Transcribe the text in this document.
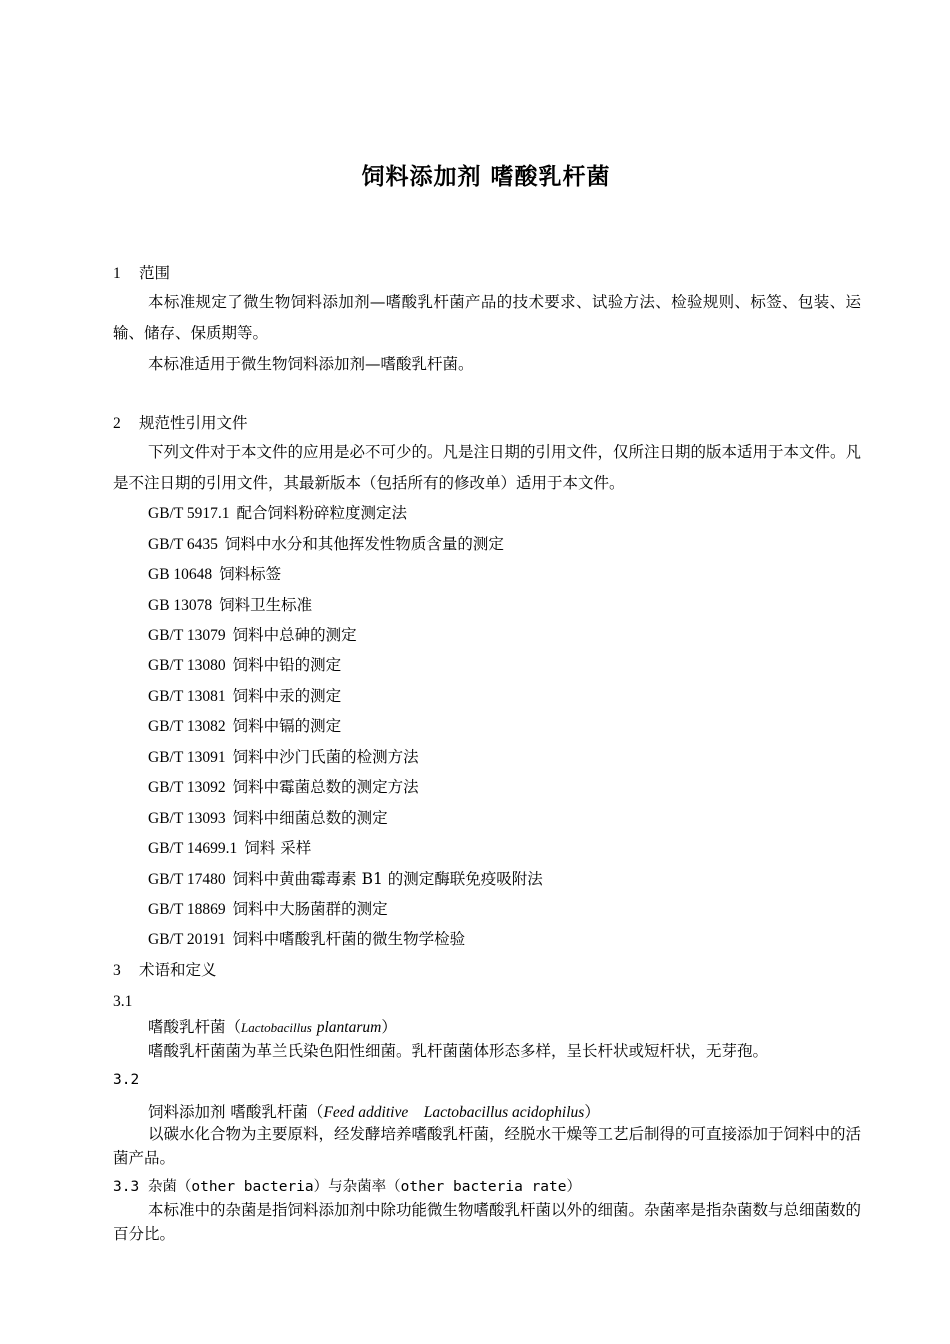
饲料添加剂 嗜酸乳杆菌
1 范围
本标准规定了微生物饲料添加剂—嗜酸乳杆菌产品的技术要求、试验方法、检验规则、标签、包装、运输、储存、保质期等。
本标准适用于微生物饲料添加剂—嗜酸乳杆菌。
2 规范性引用文件
下列文件对于本文件的应用是必不可少的。凡是注日期的引用文件，仅所注日期的版本适用于本文件。凡是不注日期的引用文件，其最新版本（包括所有的修改单）适用于本文件。
GB/T 5917.1 配合饲料粉碎粒度测定法
GB/T 6435 饲料中水分和其他挥发性物质含量的测定
GB 10648 饲料标签
GB 13078 饲料卫生标准
GB/T 13079 饲料中总砷的测定
GB/T 13080 饲料中铅的测定
GB/T 13081 饲料中汞的测定
GB/T 13082 饲料中镉的测定
GB/T 13091 饲料中沙门氏菌的检测方法
GB/T 13092 饲料中霉菌总数的测定方法
GB/T 13093 饲料中细菌总数的测定
GB/T 14699.1 饲料 采样
GB/T 17480 饲料中黄曲霉毒素 B1 的测定酶联免疫吸附法
GB/T 18869 饲料中大肠菌群的测定
GB/T 20191 饲料中嗜酸乳杆菌的微生物学检验
3 术语和定义
3.1
嗜酸乳杆菌（Lactobacillus plantarum）
嗜酸乳杆菌菌为革兰氏染色阳性细菌。乳杆菌菌体形态多样，呈长杆状或短杆状，无芽孢。
3.2
饲料添加剂 嗜酸乳杆菌（Feed additive    Lactobacillus acidophilus）
以碳水化合物为主要原料，经发酵培养嗜酸乳杆菌，经脱水干燥等工艺后制得的可直接添加于饲料中的活菌产品。
3.3 杂菌（other bacteria）与杂菌率（other bacteria rate）
本标准中的杂菌是指饲料添加剂中除功能微生物嗜酸乳杆菌以外的细菌。杂菌率是指杂菌数与总细菌数的百分比。
